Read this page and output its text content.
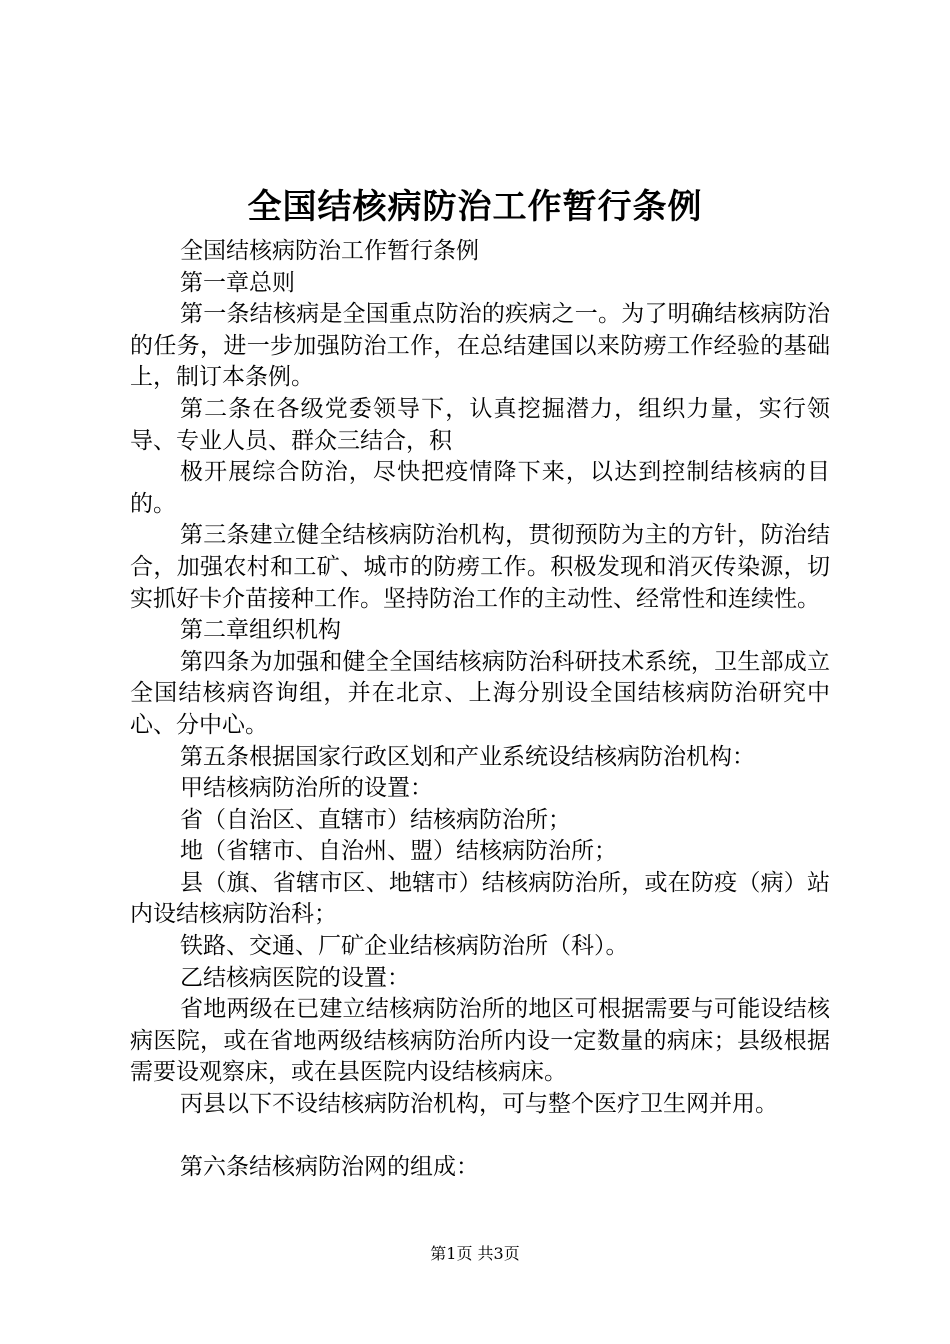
全国结核病防治工作暂行条例

全国结核病防治工作暂行条例

第一章总则

第一条结核病是全国重点防治的疾病之一。为了明确结核病防治的任务，进一步加强防治工作，在总结建国以来防痨工作经验的基础上，制订本条例。

第二条在各级党委领导下，认真挖掘潜力，组织力量，实行领导、专业人员、群众三结合，积

极开展综合防治，尽快把疫情降下来，以达到控制结核病的目的。

第三条建立健全结核病防治机构，贯彻预防为主的方针，防治结合，加强农村和工矿、城市的防痨工作。积极发现和消灭传染源，切实抓好卡介苗接种工作。坚持防治工作的主动性、经常性和连续性。

第二章组织机构

第四条为加强和健全全国结核病防治科研技术系统，卫生部成立全国结核病咨询组，并在北京、上海分别设全国结核病防治研究中心、分中心。

第五条根据国家行政区划和产业系统设结核病防治机构：

甲结核病防治所的设置：

省（自治区、直辖市）结核病防治所；

地（省辖市、自治州、盟）结核病防治所；

县（旗、省辖市区、地辖市）结核病防治所，或在防疫（病）站内设结核病防治科；

铁路、交通、厂矿企业结核病防治所（科）。

乙结核病医院的设置：

省地两级在已建立结核病防治所的地区可根据需要与可能设结核病医院，或在省地两级结核病防治所内设一定数量的病床；县级根据需要设观察床，或在县医院内设结核病床。

丙县以下不设结核病防治机构，可与整个医疗卫生网并用。

第六条结核病防治网的组成：

第1页 共3页
